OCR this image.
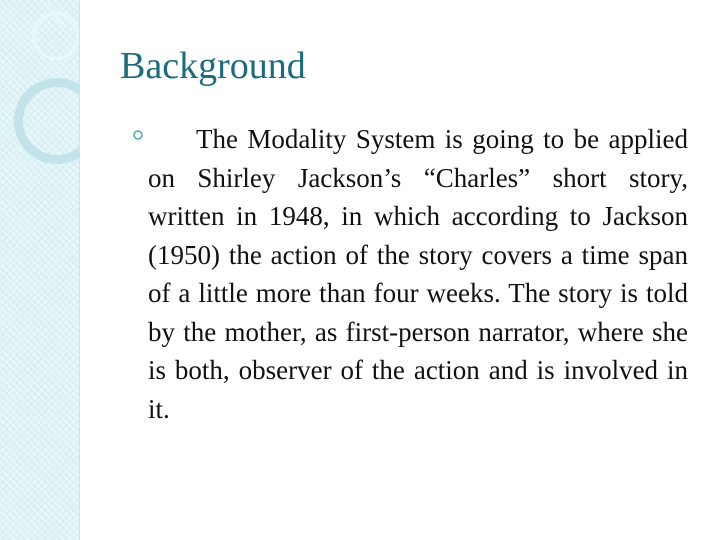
Background

The Modality System is going to be applied on Shirley Jackson’s “Charles” short story, written in 1948, in which according to Jackson (1950) the action of the story covers a time span of a little more than four weeks. The story is told by the mother, as first-person narrator, where she is both, observer of the action and is involved in it.
